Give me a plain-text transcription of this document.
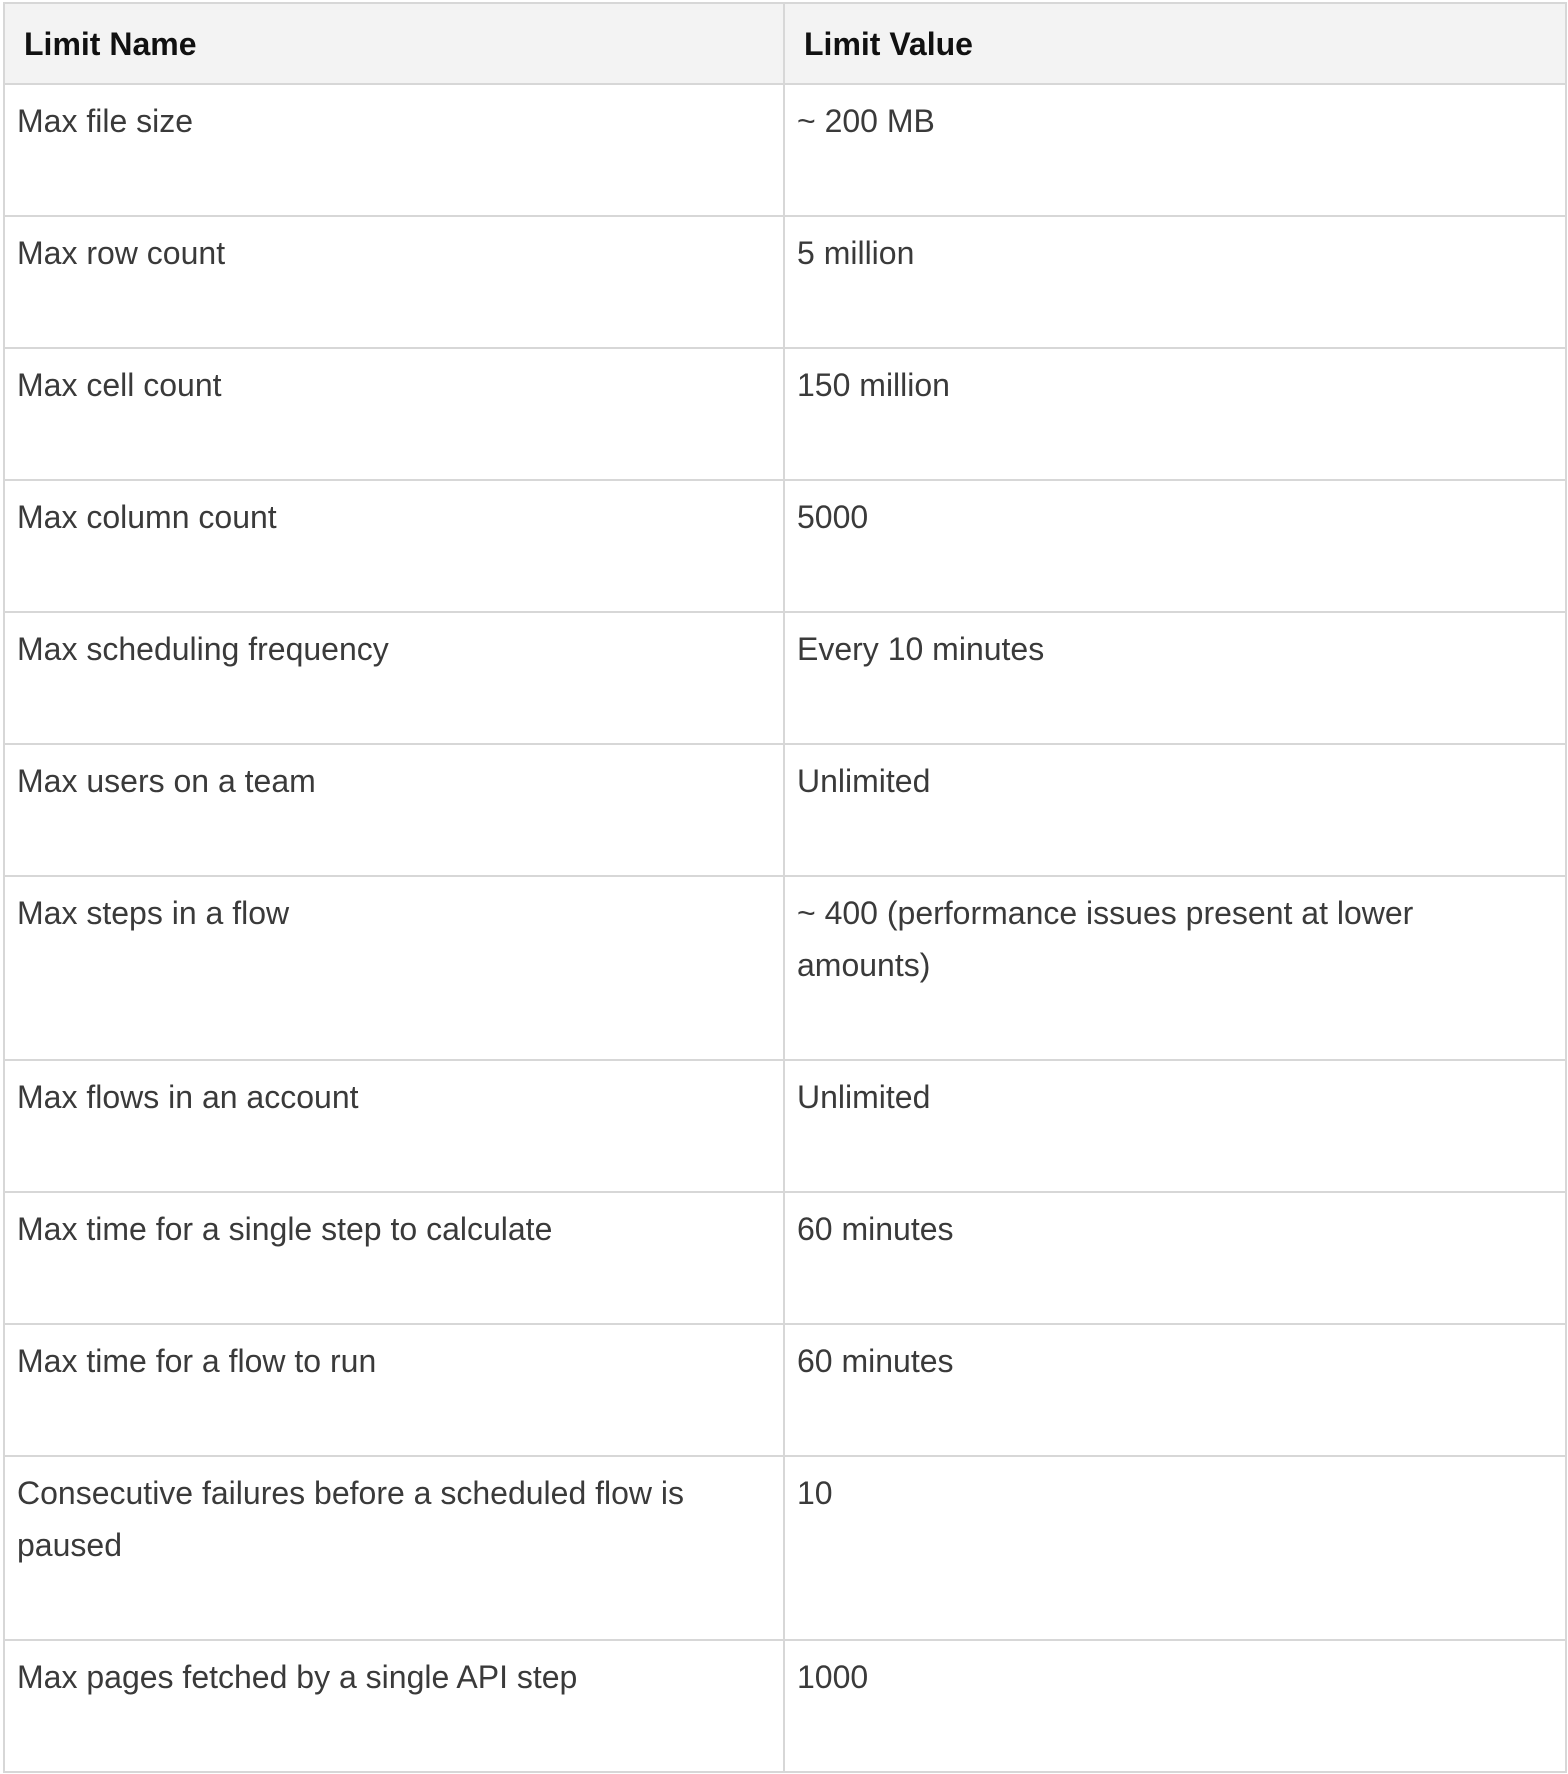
Limit Name	Limit Value
Max file size	~ 200 MB
Max row count	5 million
Max cell count	150 million
Max column count	5000
Max scheduling frequency	Every 10 minutes
Max users on a team	Unlimited
Max steps in a flow	~ 400 (performance issues present at lower amounts)
Max flows in an account	Unlimited
Max time for a single step to calculate	60 minutes
Max time for a flow to run	60 minutes
Consecutive failures before a scheduled flow is paused	10
Max pages fetched by a single API step	1000
